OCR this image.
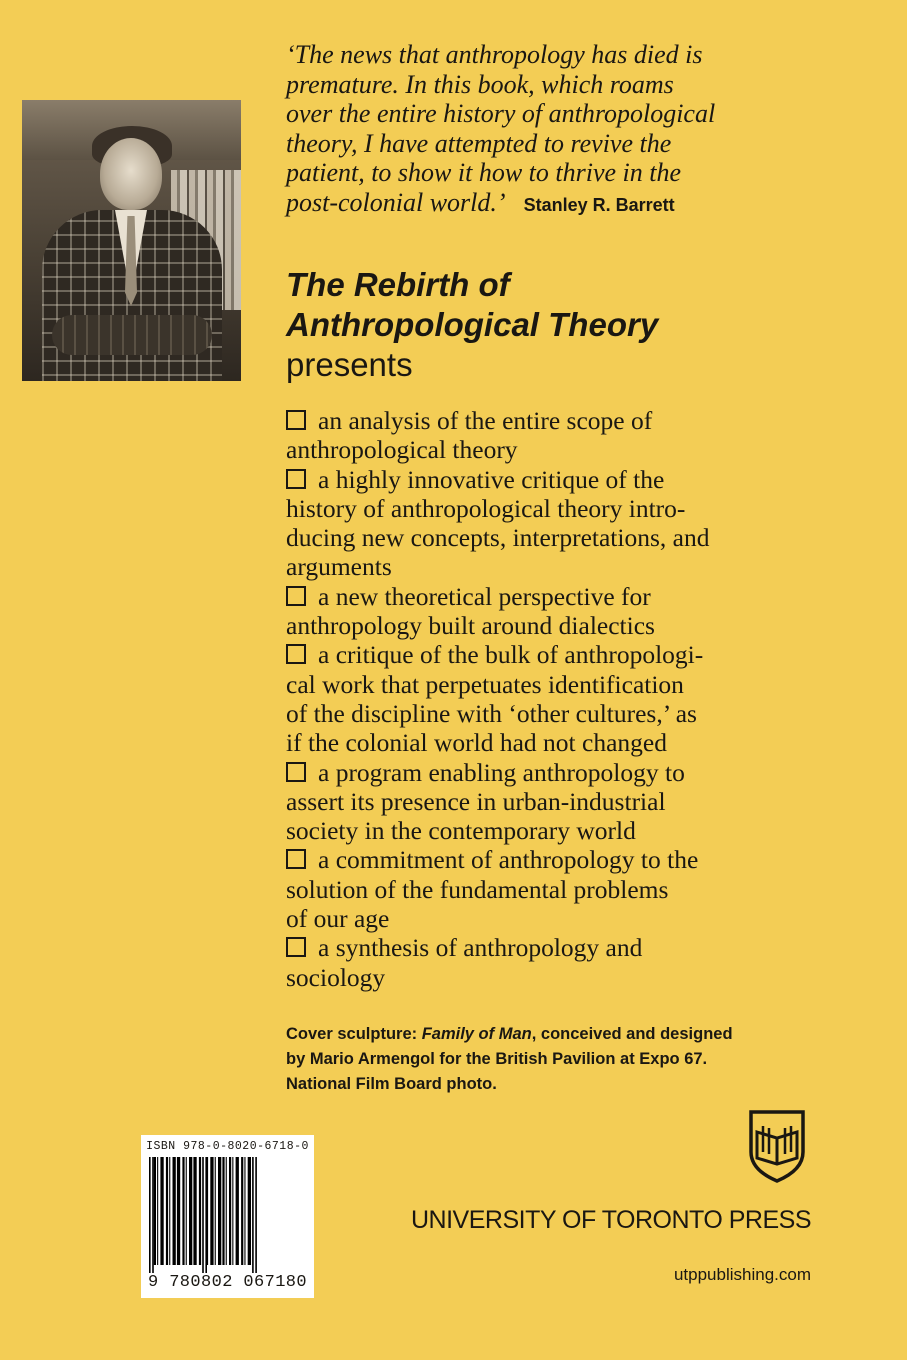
‘The news that anthropology has died is
premature. In this book, which roams
over the entire history of anthropological
theory, I have attempted to revive the
patient, to show it how to thrive in the
post-colonial world.’ Stanley R. Barrett

The Rebirth of
Anthropological Theory
presents
an analysis of the entire scope of
anthropological theory
a highly innovative critique of the
history of anthropological theory intro-
ducing new concepts, interpretations, and
arguments
a new theoretical perspective for
anthropology built around dialectics
a critique of the bulk of anthropologi-
cal work that perpetuates identification
of the discipline with ‘other cultures,’ as
if the colonial world had not changed
a program enabling anthropology to
assert its presence in urban-industrial
society in the contemporary world
a commitment of anthropology to the
solution of the fundamental problems
of our age
a synthesis of anthropology and
sociology

Cover sculpture: Family of Man, conceived and designed
by Mario Armengol for the British Pavilion at Expo 67.
National Film Board photo.

ISBN 978-0-8020-6718-0
9 780802 067180
UNIVERSITY OF TORONTO PRESS
utppublishing.com
